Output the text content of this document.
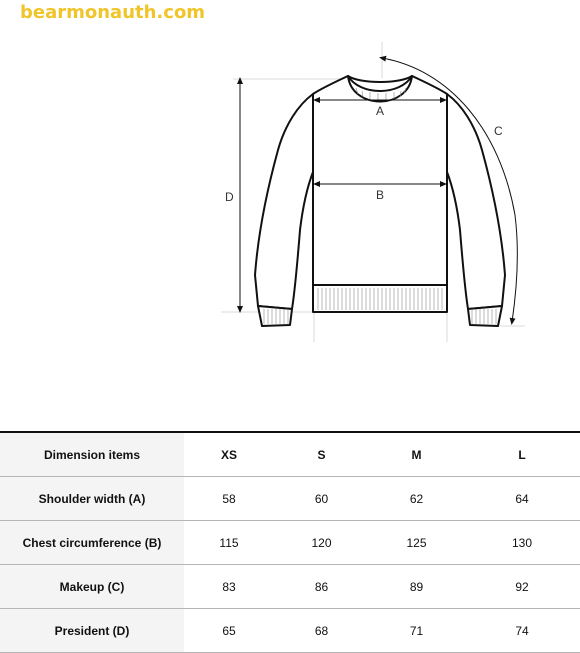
bearmonauth.com
D
A
B
C
Dimension items	XS	S	M	L
Shoulder width (A)	58	60	62	64
Chest circumference (B)	115	120	125	130
Makeup (C)	83	86	89	92
President (D)	65	68	71	74
